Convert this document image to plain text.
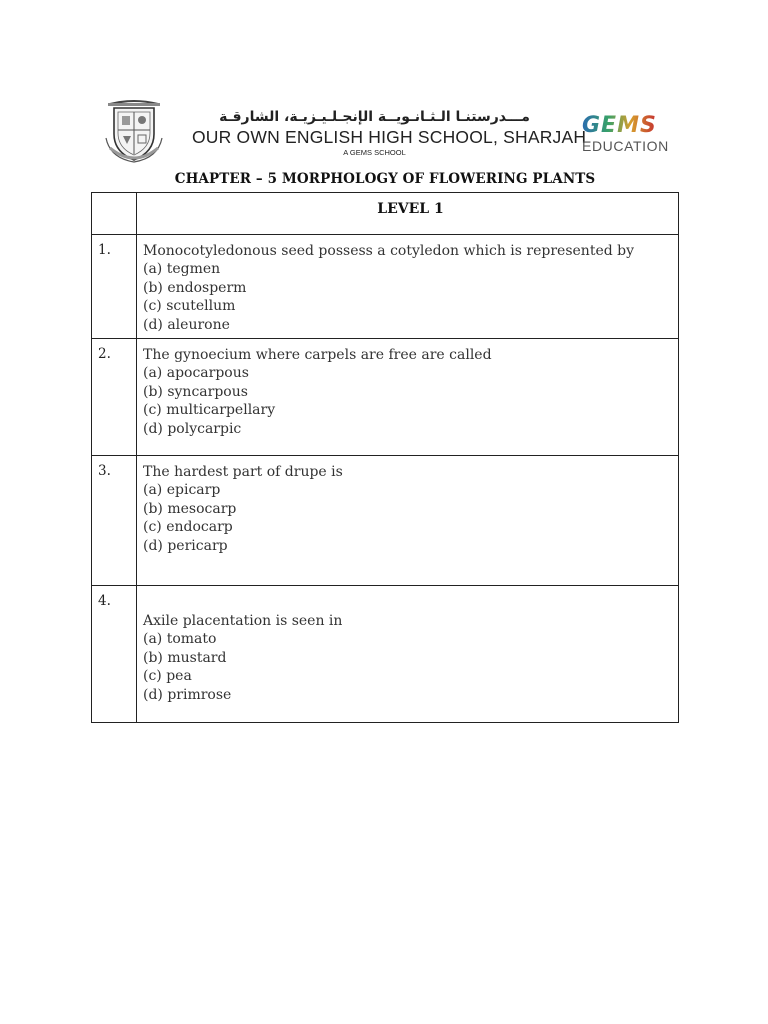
مـــدرستنـا الـثـانـويــة الإنجـلـيـزيـة، الشارقـة
OUR OWN ENGLISH HIGH SCHOOL, SHARJAH
A GEMS SCHOOL
GEMS
EDUCATION
CHAPTER – 5 MORPHOLOGY OF FLOWERING PLANTS
	LEVEL 1
1.	Monocotyledonous seed possess a cotyledon which is represented by
(a) tegmen
(b) endosperm
(c) scutellum
(d) aleurone

2.	The gynoecium where carpels are free are called
(a) apocarpous
(b) syncarpous
(c) multicarpellary
(d) polycarpic

3.	The hardest part of drupe is
(a) epicarp
(b) mesocarp
(c) endocarp
(d) pericarp

4.	Axile placentation is seen in
(a) tomato
(b) mustard
(c) pea
(d) primrose
